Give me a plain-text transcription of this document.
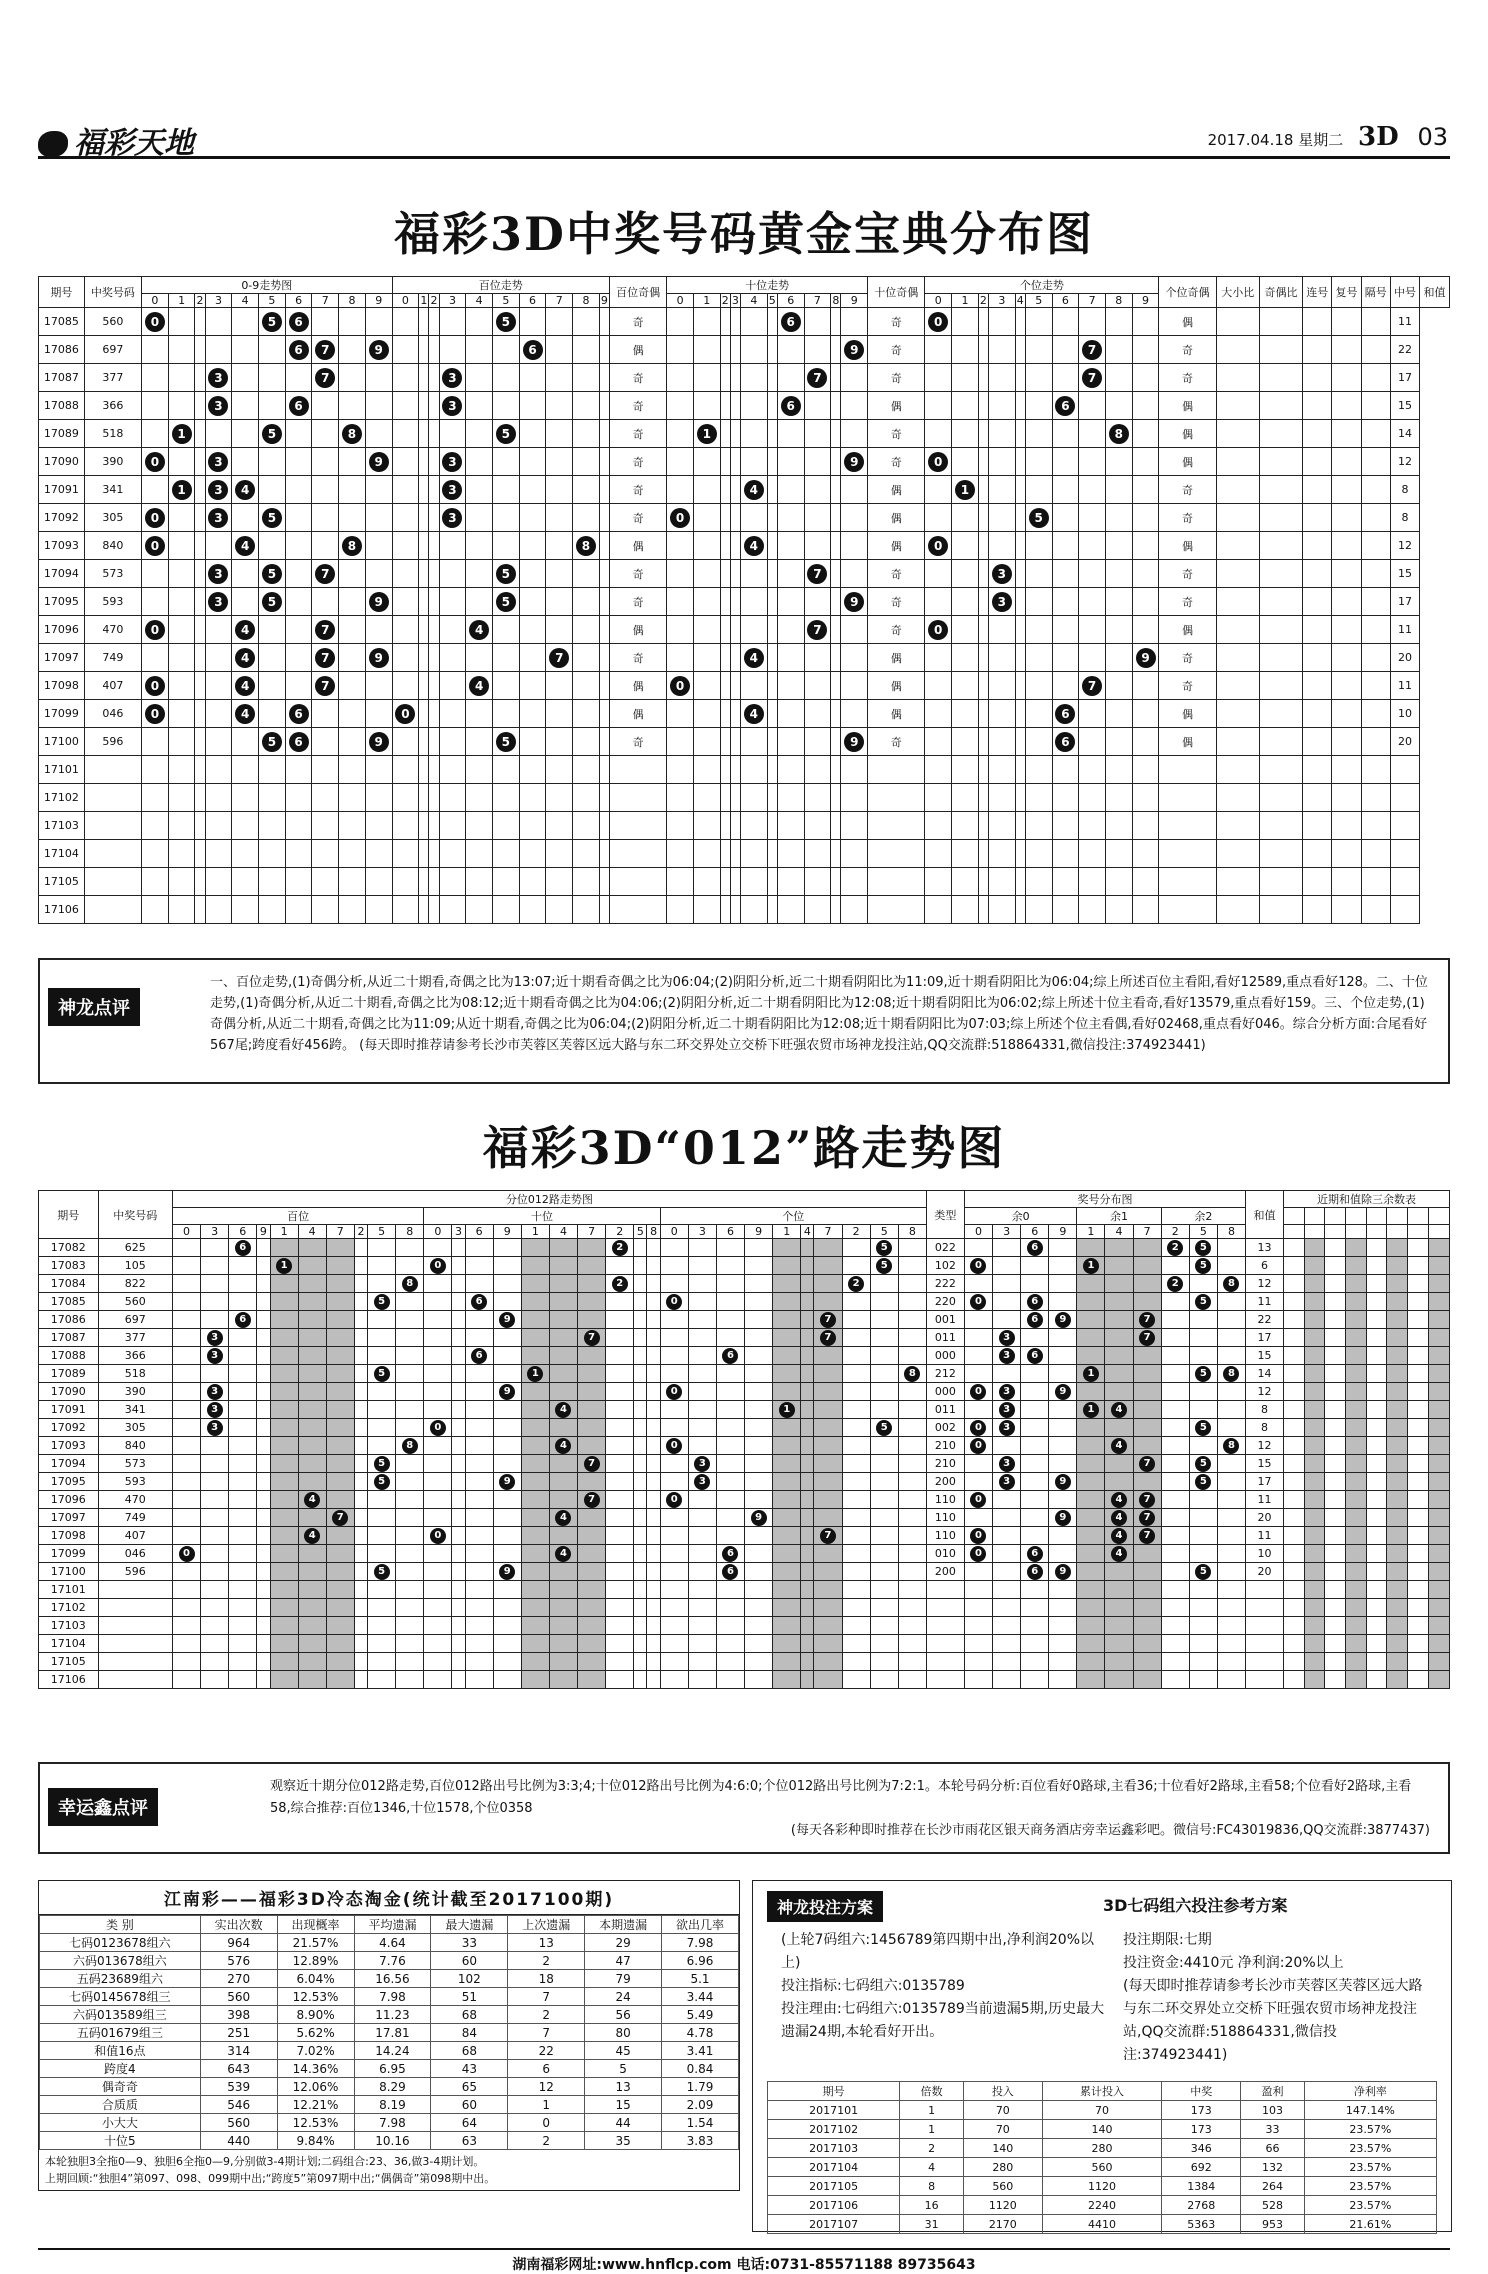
福彩天地	2017.04.18 星期二 3D 03
福彩3D中奖号码黄金宝典分布图
期号	中奖号码	0-9走势图										百位走势										百位奇偶	十位走势										十位奇偶	个位走势										个位奇偶	大小比	奇偶比	连号	复号	隔号	中号	和值
		0	1	2	3	4	5	6	7	8	9	0	1	2	3	4	5	6	7	8	9		0	1	2	3	4	5	6	7	8	9		0	1	2	3	4	5	6	7	8	9								
17085	560	0					5	6									5					奇							6				奇	0										偶						11	
17086	697							6	7		9							6				偶										9	奇								7			奇						22	
17087	377				3				7						3							奇								7			奇								7			奇						17	
17088	366				3			6							3							奇							6				偶							6				偶						15	
17089	518		1				5			8							5					奇		1									奇									8		偶						14	
17090	390	0			3						9				3							奇										9	奇	0										偶						12	
17091	341		1		3	4									3							奇					4						偶		1									奇						8	
17092	305	0			3		5								3							奇	0										偶						5					奇						8	
17093	840	0				4				8										8		偶					4						偶	0										偶						12	
17094	573				3		5		7								5					奇								7			奇				3							奇						15	
17095	593				3		5				9						5					奇										9	奇				3							奇						17	
17096	470	0				4			7							4						偶								7			奇	0										偶						11	
17097	749					4			7		9								7			奇					4						偶										9	奇						20	
17098	407	0				4			7							4						偶	0										偶								7			奇						11	
17099	046	0				4		6				0										偶					4						偶							6				偶						10	
17100	596						5	6			9						5					奇										9	奇							6				偶						20	
17101																																																			
17102																																																			
17103																																																			
17104																																																			
17105																																																			
17106																																																			
神龙点评
一、百位走势,(1)奇偶分析,从近二十期看,奇偶之比为13:07;近十期看奇偶之比为06:04;(2)阴阳分析,近二十期看阴阳比为11:09,近十期看阴阳比为06:04;综上所述百位主看阳,看好12589,重点看好128。二、十位走势,(1)奇偶分析,从近二十期看,奇偶之比为08:12;近十期看奇偶之比为04:06;(2)阴阳分析,近二十期看阴阳比为12:08;近十期看阴阳比为06:02;综上所述十位主看奇,看好13579,重点看好159。三、个位走势,(1)奇偶分析,从近二十期看,奇偶之比为11:09;从近十期看,奇偶之比为06:04;(2)阴阳分析,近二十期看阴阳比为12:08;近十期看阴阳比为07:03;综上所述个位主看偶,看好02468,重点看好046。综合分析方面:合尾看好567尾;跨度看好456跨。 (每天即时推荐请参考长沙市芙蓉区芙蓉区远大路与东二环交界处立交桥下旺强农贸市场神龙投注站,QQ交流群:518864331,微信投注:374923441)
福彩3D“012”路走势图
期号	中奖号码	分位012路走势图																														类型	奖号分布图										和值	近期和值除三余数表							
		百位										十位										个位											余0				余1			余2											
		0	3	6	9	1	4	7	2	5	8	0	3	6	9	1	4	7	2	5	8	0	3	6	9	1	4	7	2	5	8		0	3	6	9	1	4	7	2	5	8									
17082	625			6															2											5		022			6					2	5		13								
17083	105					1						0																		5		102	0				1				5		6								
17084	822										8								2										2			222								2		8	12								
17085	560									5				6								0										220	0		6						5		11								
17086	697			6											9													7				001			6	9			7				22								
17087	377		3															7										7				011		3					7				17								
17088	366		3											6										6								000		3	6								15								
17089	518									5						1															8	212					1				5	8	14								
17090	390		3												9							0										000	0	3		9							12								
17091	341		3														4									1						011		3			1	4					8								
17092	305		3									0																		5		002	0	3							5		8								
17093	840										8						4					0										210	0					4				8	12								
17094	573									5								7					3									210		3					7		5		15								
17095	593									5					9								3									200		3		9					5		17								
17096	470						4											7				0										110	0					4	7				11								
17097	749							7									4								9							110				9		4	7				20								
17098	407						4					0																7				110	0					4	7				11								
17099	046	0															4							6								010	0		6			4					10								
17100	596									5					9									6								200			6	9					5		20								
17101																																																			
17102																																																			
17103																																																			
17104																																																			
17105																																																			
17106																																																			
幸运鑫点评
观察近十期分位012路走势,百位012路出号比例为3:3;4;十位012路出号比例为4:6:0;个位012路出号比例为7:2:1。本轮号码分析:百位看好0路球,主看36;十位看好2路球,主看58;个位看好2路球,主看58,综合推荐:百位1346,十位1578,个位0358
(每天各彩种即时推荐在长沙市雨花区银天商务酒店旁幸运鑫彩吧。微信号:FC43019836,QQ交流群:3877437)
江南彩——福彩3D冷态淘金(统计截至2017100期)
类 别	实出次数	出现概率	平均遗漏	最大遗漏	上次遗漏	本期遗漏	欲出几率
七码0123678组六	964	21.57%	4.64	33	13	29	7.98
六码013678组六	576	12.89%	7.76	60	2	47	6.96
五码23689组六	270	6.04%	16.56	102	18	79	5.1
七码0145678组三	560	12.53%	7.98	51	7	24	3.44
六码013589组三	398	8.90%	11.23	68	2	56	5.49
五码01679组三	251	5.62%	17.81	84	7	80	4.78
和值16点	314	7.02%	14.24	68	22	45	3.41
跨度4	643	14.36%	6.95	43	6	5	0.84
偶奇奇	539	12.06%	8.29	65	12	13	1.79
合质质	546	12.21%	8.19	60	1	15	2.09
小大大	560	12.53%	7.98	64	0	44	1.54
十位5	440	9.84%	10.16	63	2	35	3.83
本轮独胆3全拖0—9、独胆6全拖0—9,分别做3-4期计划;二码组合:23、36,做3-4期计划。
上期回顾:“独胆4”第097、098、099期中出;“跨度5”第097期中出;“偶偶奇”第098期中出。
神龙投注方案	3D七码组六投注参考方案
(上轮7码组六:1456789第四期中出,净利润20%以上)
投注指标:七码组六:0135789
投注理由:七码组六:0135789当前遗漏5期,历史最大遗漏24期,本轮看好开出。
投注期限:七期
投注资金:4410元 净利润:20%以上
(每天即时推荐请参考长沙市芙蓉区芙蓉区远大路与东二环交界处立交桥下旺强农贸市场神龙投注站,QQ交流群:518864331,微信投注:374923441)
期号	倍数	投入	累计投入	中奖	盈利	净利率
2017101	1	70	70	173	103	147.14%
2017102	1	70	140	173	33	23.57%
2017103	2	140	280	346	66	23.57%
2017104	4	280	560	692	132	23.57%
2017105	8	560	1120	1384	264	23.57%
2017106	16	1120	2240	2768	528	23.57%
2017107	31	2170	4410	5363	953	21.61%
湖南福彩网址:www.hnflcp.com 电话:0731-85571188 89735643
